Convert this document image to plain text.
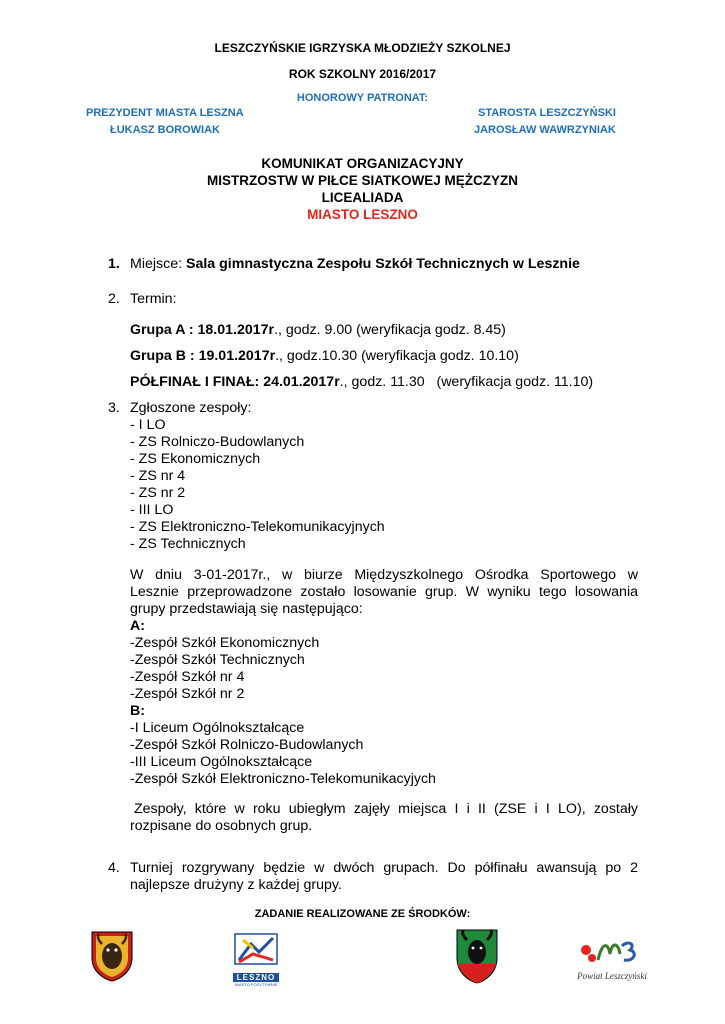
LESZCZYŃSKIE IGRZYSKA MŁODZIEŻY SZKOLNEJ
ROK SZKOLNY 2016/2017
HONOROWY PATRONAT:
PREZYDENT MIASTA LESZNA
ŁUKASZ BOROWIAK
STAROSTA LESZCZYŃSKI
JAROSŁAW WAWRZYNIAK
KOMUNIKAT ORGANIZACYJNY
MISTRZOSTW W PIŁCE SIATKOWEJ MĘŻCZYZN
LICEALIADA
MIASTO LESZNO
1. Miejsce: Sala gimnastyczna Zespołu Szkół Technicznych w Lesznie
2. Termin:
Grupa A : 18.01.2017r., godz. 9.00 (weryfikacja godz. 8.45)
Grupa B : 19.01.2017r., godz.10.30 (weryfikacja godz. 10.10)
PÓŁFINAŁ I FINAŁ: 24.01.2017r., godz. 11.30   (weryfikacja godz. 11.10)
3. Zgłoszone zespoły:
- I LO
- ZS Rolniczo-Budowlanych
- ZS Ekonomicznych
- ZS nr 4
- ZS nr 2
- III LO
- ZS Elektroniczno-Telekomunikacyjnych
- ZS Technicznych
W dniu 3-01-2017r., w biurze Międzyszkolnego Ośrodka Sportowego w
Lesznie przeprowadzone zostało losowanie grup. W wyniku tego losowania
grupy przedstawiają się następująco:
A:
-Zespół Szkół Ekonomicznych
-Zespół Szkół Technicznych
-Zespół Szkół nr 4
-Zespół Szkół nr 2
B:
-I Liceum Ogólnokształcące
-Zespół Szkół Rolniczo-Budowlanych
-III Liceum Ogólnokształcące
-Zespół Szkół Elektroniczno-Telekomunikacyjych
Zespoły, które w roku ubiegłym zajęły miejsca I i II (ZSE i I LO), zostały
rozpisane do osobnych grup.
4. Turniej rozgrywany będzie w dwóch grupach. Do półfinału awansują po 2
najlepsze drużyny z każdej grupy.
ZADANIE REALIZOWANE ZE ŚRODKÓW:
LESZNO
MIASTO POZYTYWNIE
Powiat Leszczyński
